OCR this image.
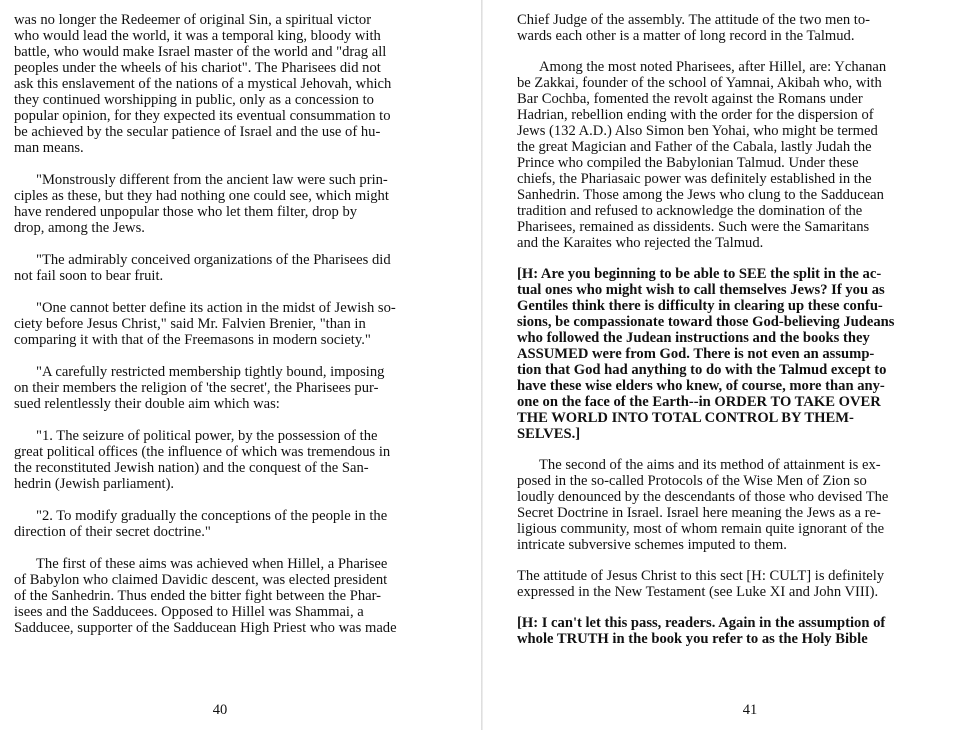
was no longer the Redeemer of original Sin, a spiritual victor
who would lead the world, it was a temporal king, bloody with
battle, who would make Israel master of the world and "drag all
peoples under the wheels of his chariot". The Pharisees did not
ask this enslavement of the nations of a mystical Jehovah, which
they continued worshipping in public, only as a concession to
popular opinion, for they expected its eventual consummation to
be achieved by the secular patience of Israel and the use of hu-
man means.

"Monstrously different from the ancient law were such prin-
ciples as these, but they had nothing one could see, which might
have rendered unpopular those who let them filter, drop by
drop, among the Jews.

"The admirably conceived organizations of the Pharisees did
not fail soon to bear fruit.

"One cannot better define its action in the midst of Jewish so-
ciety before Jesus Christ," said Mr. Falvien Brenier, "than in
comparing it with that of the Freemasons in modern society."

"A carefully restricted membership tightly bound, imposing
on their members the religion of 'the secret', the Pharisees pur-
sued relentlessly their double aim which was:

"1. The seizure of political power, by the possession of the
great political offices (the influence of which was tremendous in
the reconstituted Jewish nation) and the conquest of the San-
hedrin (Jewish parliament).

"2. To modify gradually the conceptions of the people in the
direction of their secret doctrine."

The first of these aims was achieved when Hillel, a Pharisee
of Babylon who claimed Davidic descent, was elected president
of the Sanhedrin. Thus ended the bitter fight between the Phar-
isees and the Sadducees. Opposed to Hillel was Shammai, a
Sadducee, supporter of the Sadducean High Priest who was made

40

Chief Judge of the assembly. The attitude of the two men to-
wards each other is a matter of long record in the Talmud.

Among the most noted Pharisees, after Hillel, are: Ychanan
be Zakkai, founder of the school of Yamnai, Akibah who, with
Bar Cochba, fomented the revolt against the Romans under
Hadrian, rebellion ending with the order for the dispersion of
Jews (132 A.D.) Also Simon ben Yohai, who might be termed
the great Magician and Father of the Cabala, lastly Judah the
Prince who compiled the Babylonian Talmud. Under these
chiefs, the Phariasaic power was definitely established in the
Sanhedrin. Those among the Jews who clung to the Sadducean
tradition and refused to acknowledge the domination of the
Pharisees, remained as dissidents. Such were the Samaritans
and the Karaites who rejected the Talmud.

[H: Are you beginning to be able to SEE the split in the ac-
tual ones who might wish to call themselves Jews? If you as
Gentiles think there is difficulty in clearing up these confu-
sions, be compassionate toward those God-believing Judeans
who followed the Judean instructions and the books they
ASSUMED were from God. There is not even an assump-
tion that God had anything to do with the Talmud except to
have these wise elders who knew, of course, more than any-
one on the face of the Earth--in ORDER TO TAKE OVER
THE WORLD INTO TOTAL CONTROL BY THEM-
SELVES.]

The second of the aims and its method of attainment is ex-
posed in the so-called Protocols of the Wise Men of Zion so
loudly denounced by the descendants of those who devised The
Secret Doctrine in Israel. Israel here meaning the Jews as a re-
ligious community, most of whom remain quite ignorant of the
intricate subversive schemes imputed to them.

The attitude of Jesus Christ to this sect [H: CULT] is definitely
expressed in the New Testament (see Luke XI and John VIII).

[H: I can't let this pass, readers. Again in the assumption of
whole TRUTH in the book you refer to as the Holy Bible

41
